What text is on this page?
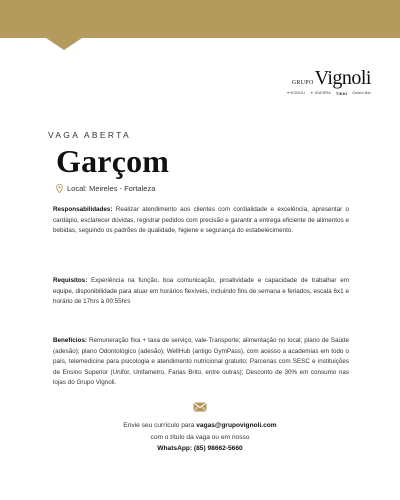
GRUPO Vignoli
✦VIGNOLI ✦ GUERRA TIKKI Gelato Bar
VAGA ABERTA
Garçom
Local: Meireles - Fortaleza
Responsabilidades: Realizar atendimento aos clientes com cordialidade e excelência, apresentar o cardápio, esclarecer dúvidas, registrar pedidos com precisão e garantir a entrega eficiente de alimentos e bebidas, seguindo os padrões de qualidade, higiene e segurança do estabelecimento.
Requisitos: Experiência na função, boa comunicação, proatividade e capacidade de trabalhar em equipe, disponibilidade para atuar em horários flexíveis, incluindo fins de semana e feriados, escala 6x1 e horário de 17hrs à 00:55hrs
Benefícios: Remuneração fixa + taxa de serviço; vale-Transporte; alimentação no local; plano de Saúde (adesão); plano Odontológico (adesão); WellHub (antigo GymPass), com acesso a academias em todo o país, telemedicine para psicologia e atendimento nutricional gratuito; Parcerias com SESC e instituições de Ensino Superior (Unifor, Unifametro, Farias Brito, entre outras); Desconto de 30% em consumo nas lojas do Grupo Vignoli.
Envie seu currículo para vagas@grupovignoli.com
com o título da vaga ou em nosso
WhatsApp: (85) 98662-5660
